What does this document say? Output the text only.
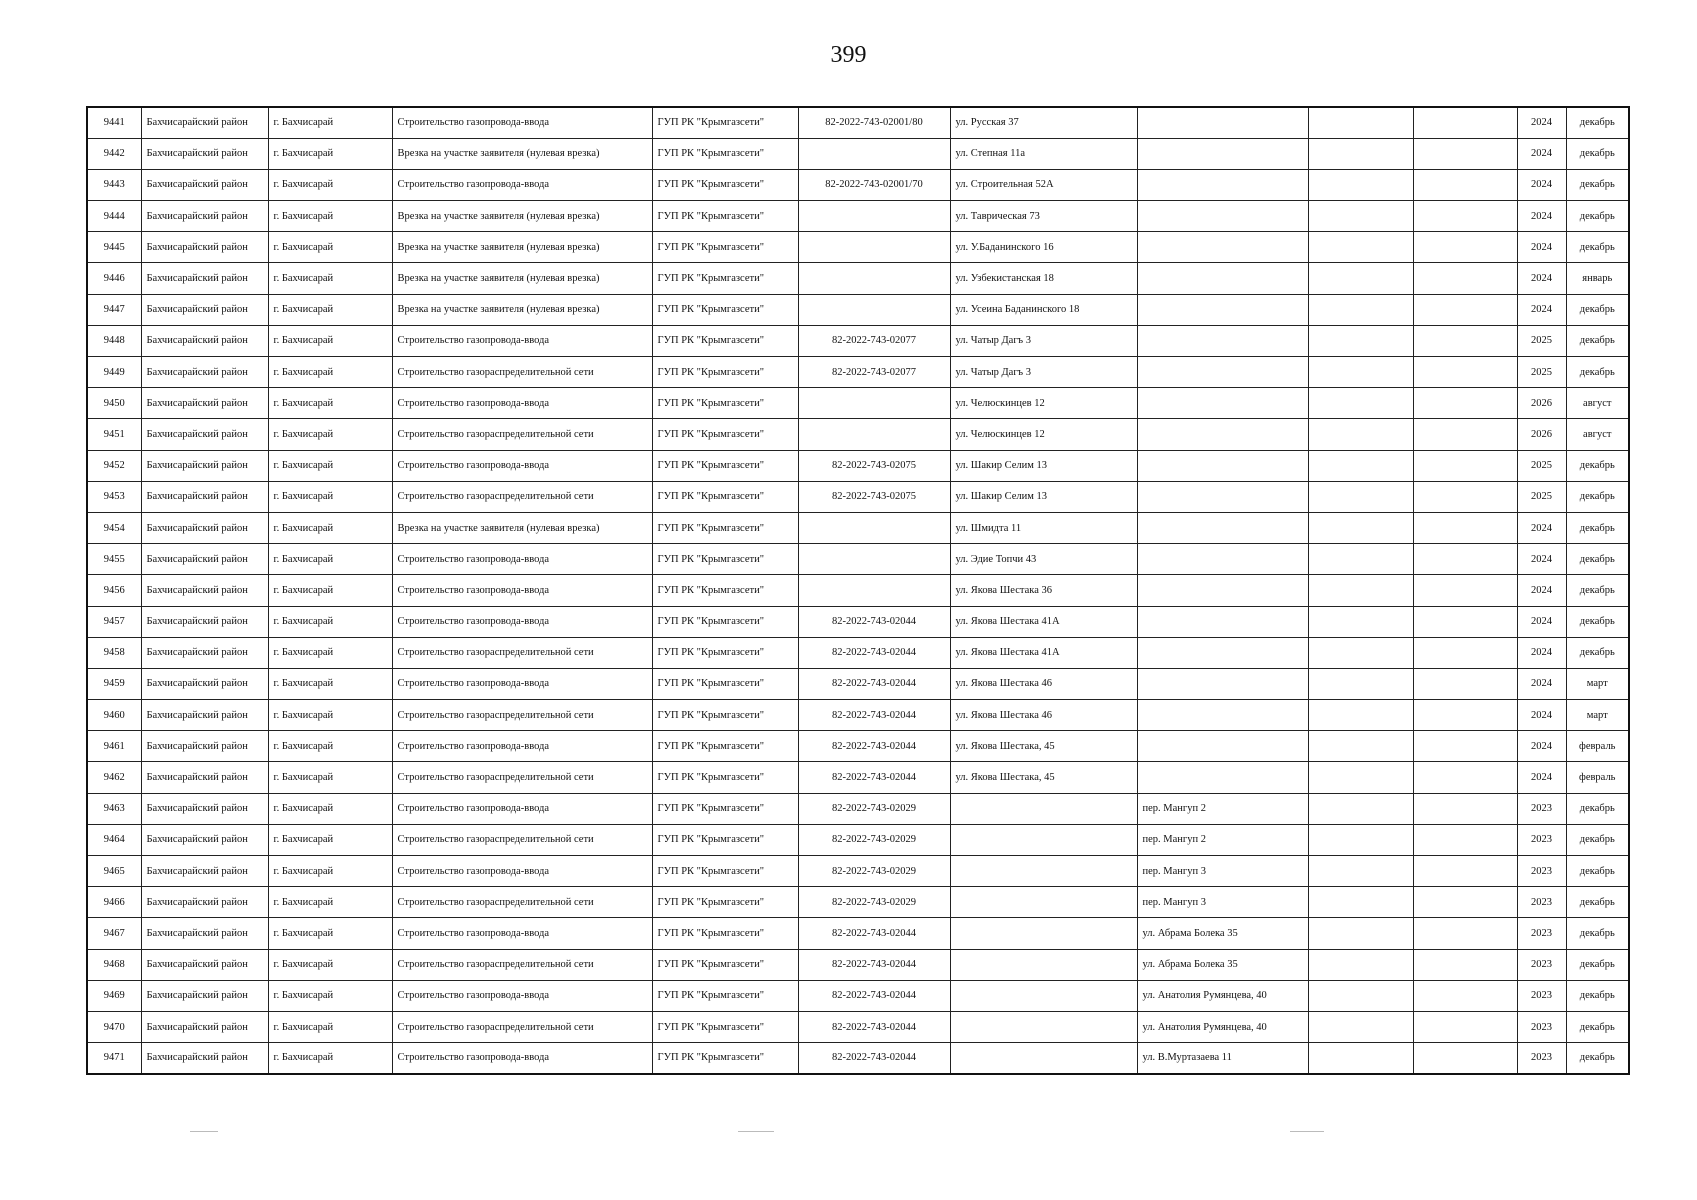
399
9441	Бахчисарайский район	г. Бахчисарай	Строительство газопровода-ввода	ГУП РК "Крымгазсети"	82-2022-743-02001/80	ул. Русская 37				2024	декабрь
9442	Бахчисарайский район	г. Бахчисарай	Врезка на участке заявителя (нулевая врезка)	ГУП РК "Крымгазсети"		ул. Степная 11а				2024	декабрь
9443	Бахчисарайский район	г. Бахчисарай	Строительство газопровода-ввода	ГУП РК "Крымгазсети"	82-2022-743-02001/70	ул. Строительная 52А				2024	декабрь
9444	Бахчисарайский район	г. Бахчисарай	Врезка на участке заявителя (нулевая врезка)	ГУП РК "Крымгазсети"		ул. Таврическая 73				2024	декабрь
9445	Бахчисарайский район	г. Бахчисарай	Врезка на участке заявителя (нулевая врезка)	ГУП РК "Крымгазсети"		ул. У.Баданинского 16				2024	декабрь
9446	Бахчисарайский район	г. Бахчисарай	Врезка на участке заявителя (нулевая врезка)	ГУП РК "Крымгазсети"		ул. Узбекистанская 18				2024	январь
9447	Бахчисарайский район	г. Бахчисарай	Врезка на участке заявителя (нулевая врезка)	ГУП РК "Крымгазсети"		ул. Усеина Баданинского 18				2024	декабрь
9448	Бахчисарайский район	г. Бахчисарай	Строительство газопровода-ввода	ГУП РК "Крымгазсети"	82-2022-743-02077	ул. Чатыр Дагъ 3				2025	декабрь
9449	Бахчисарайский район	г. Бахчисарай	Строительство газораспределительной сети	ГУП РК "Крымгазсети"	82-2022-743-02077	ул. Чатыр Дагъ 3				2025	декабрь
9450	Бахчисарайский район	г. Бахчисарай	Строительство газопровода-ввода	ГУП РК "Крымгазсети"		ул. Челюскинцев 12				2026	август
9451	Бахчисарайский район	г. Бахчисарай	Строительство газораспределительной сети	ГУП РК "Крымгазсети"		ул. Челюскинцев 12				2026	август
9452	Бахчисарайский район	г. Бахчисарай	Строительство газопровода-ввода	ГУП РК "Крымгазсети"	82-2022-743-02075	ул. Шакир Селим 13				2025	декабрь
9453	Бахчисарайский район	г. Бахчисарай	Строительство газораспределительной сети	ГУП РК "Крымгазсети"	82-2022-743-02075	ул. Шакир Селим 13				2025	декабрь
9454	Бахчисарайский район	г. Бахчисарай	Врезка на участке заявителя (нулевая врезка)	ГУП РК "Крымгазсети"		ул. Шмидта 11				2024	декабрь
9455	Бахчисарайский район	г. Бахчисарай	Строительство газопровода-ввода	ГУП РК "Крымгазсети"		ул. Эдие Топчи 43				2024	декабрь
9456	Бахчисарайский район	г. Бахчисарай	Строительство газопровода-ввода	ГУП РК "Крымгазсети"		ул. Якова Шестака 36				2024	декабрь
9457	Бахчисарайский район	г. Бахчисарай	Строительство газопровода-ввода	ГУП РК "Крымгазсети"	82-2022-743-02044	ул. Якова Шестака 41А				2024	декабрь
9458	Бахчисарайский район	г. Бахчисарай	Строительство газораспределительной сети	ГУП РК "Крымгазсети"	82-2022-743-02044	ул. Якова Шестака 41А				2024	декабрь
9459	Бахчисарайский район	г. Бахчисарай	Строительство газопровода-ввода	ГУП РК "Крымгазсети"	82-2022-743-02044	ул. Якова Шестака 46				2024	март
9460	Бахчисарайский район	г. Бахчисарай	Строительство газораспределительной сети	ГУП РК "Крымгазсети"	82-2022-743-02044	ул. Якова Шестака 46				2024	март
9461	Бахчисарайский район	г. Бахчисарай	Строительство газопровода-ввода	ГУП РК "Крымгазсети"	82-2022-743-02044	ул. Якова Шестака, 45				2024	февраль
9462	Бахчисарайский район	г. Бахчисарай	Строительство газораспределительной сети	ГУП РК "Крымгазсети"	82-2022-743-02044	ул. Якова Шестака, 45				2024	февраль
9463	Бахчисарайский район	г. Бахчисарай	Строительство газопровода-ввода	ГУП РК "Крымгазсети"	82-2022-743-02029		пер. Мангуп 2			2023	декабрь
9464	Бахчисарайский район	г. Бахчисарай	Строительство газораспределительной сети	ГУП РК "Крымгазсети"	82-2022-743-02029		пер. Мангуп 2			2023	декабрь
9465	Бахчисарайский район	г. Бахчисарай	Строительство газопровода-ввода	ГУП РК "Крымгазсети"	82-2022-743-02029		пер. Мангуп 3			2023	декабрь
9466	Бахчисарайский район	г. Бахчисарай	Строительство газораспределительной сети	ГУП РК "Крымгазсети"	82-2022-743-02029		пер. Мангуп 3			2023	декабрь
9467	Бахчисарайский район	г. Бахчисарай	Строительство газопровода-ввода	ГУП РК "Крымгазсети"	82-2022-743-02044		ул. Абрама Болека 35			2023	декабрь
9468	Бахчисарайский район	г. Бахчисарай	Строительство газораспределительной сети	ГУП РК "Крымгазсети"	82-2022-743-02044		ул. Абрама Болека 35			2023	декабрь
9469	Бахчисарайский район	г. Бахчисарай	Строительство газопровода-ввода	ГУП РК "Крымгазсети"	82-2022-743-02044		ул. Анатолия Румянцева, 40			2023	декабрь
9470	Бахчисарайский район	г. Бахчисарай	Строительство газораспределительной сети	ГУП РК "Крымгазсети"	82-2022-743-02044		ул. Анатолия Румянцева, 40			2023	декабрь
9471	Бахчисарайский район	г. Бахчисарай	Строительство газопровода-ввода	ГУП РК "Крымгазсети"	82-2022-743-02044		ул. В.Муртазаева 11			2023	декабрь
